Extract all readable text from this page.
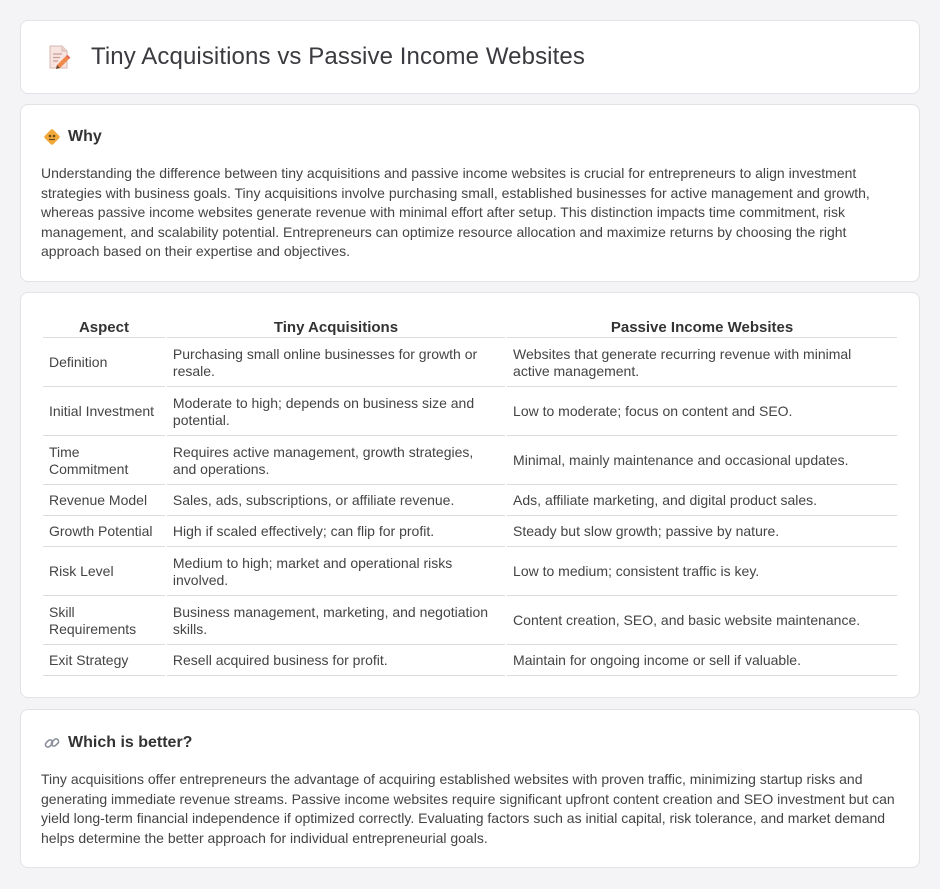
Tiny Acquisitions vs Passive Income Websites
Why

Understanding the difference between tiny acquisitions and passive income websites is crucial for entrepreneurs to align investment strategies with business goals. Tiny acquisitions involve purchasing small, established businesses for active management and growth, whereas passive income websites generate revenue with minimal effort after setup. This distinction impacts time commitment, risk management, and scalability potential. Entrepreneurs can optimize resource allocation and maximize returns by choosing the right approach based on their expertise and objectives.

Aspect	Tiny Acquisitions	Passive Income Websites
Definition	Purchasing small online businesses for growth or resale.	Websites that generate recurring revenue with minimal active management.
Initial Investment	Moderate to high; depends on business size and potential.	Low to moderate; focus on content and SEO.
Time Commitment	Requires active management, growth strategies, and operations.	Minimal, mainly maintenance and occasional updates.
Revenue Model	Sales, ads, subscriptions, or affiliate revenue.	Ads, affiliate marketing, and digital product sales.
Growth Potential	High if scaled effectively; can flip for profit.	Steady but slow growth; passive by nature.
Risk Level	Medium to high; market and operational risks involved.	Low to medium; consistent traffic is key.
Skill Requirements	Business management, marketing, and negotiation skills.	Content creation, SEO, and basic website maintenance.
Exit Strategy	Resell acquired business for profit.	Maintain for ongoing income or sell if valuable.
Which is better?

Tiny acquisitions offer entrepreneurs the advantage of acquiring established websites with proven traffic, minimizing startup risks and generating immediate revenue streams. Passive income websites require significant upfront content creation and SEO investment but can yield long-term financial independence if optimized correctly. Evaluating factors such as initial capital, risk tolerance, and market demand helps determine the better approach for individual entrepreneurial goals.
